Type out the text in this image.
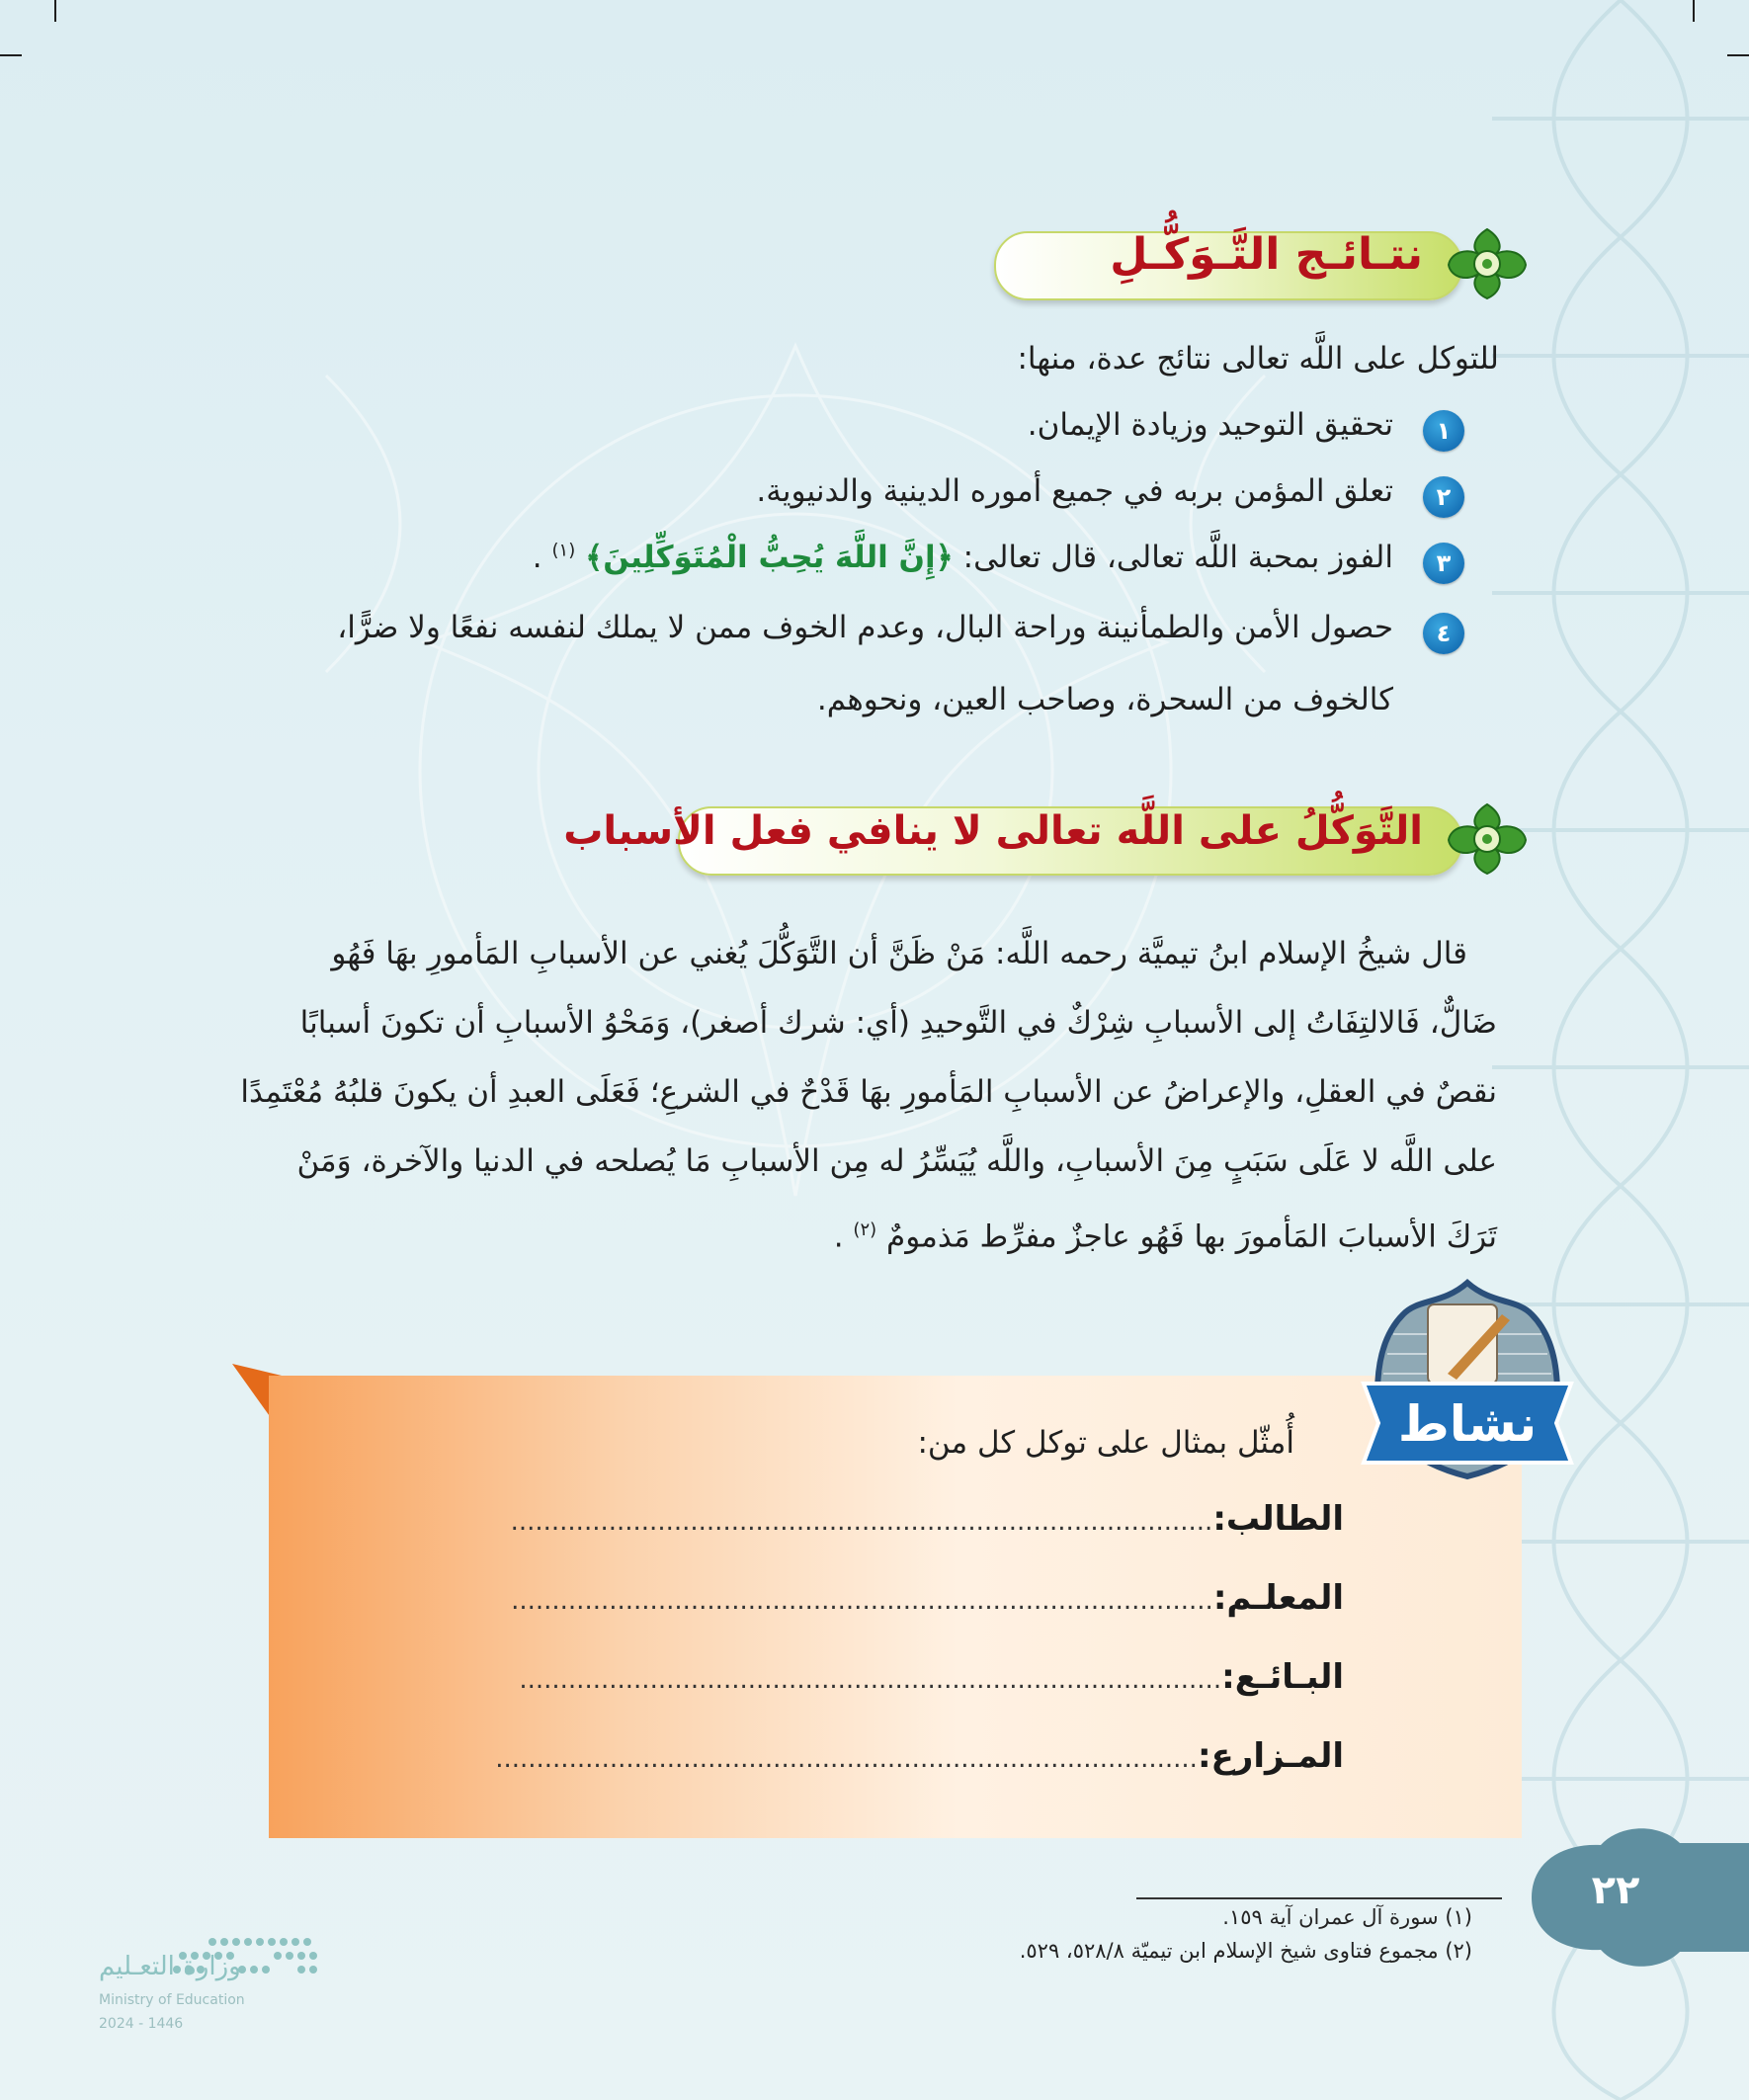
نتـائـج التَّـوَكُّـلِ
للتوكل على اللَّه تعالى نتائج عدة، منها:
١
تحقيق التوحيد وزيادة الإيمان.
٢
تعلق المؤمن بربه في جميع أموره الدينية والدنيوية.
٣
الفوز بمحبة اللَّه تعالى، قال تعالى: ﴿إِنَّ اللَّهَ يُحِبُّ الْمُتَوَكِّلِينَ﴾ $^{(١)}$ .
٤
حصول الأمن والطمأنينة وراحة البال، وعدم الخوف ممن لا يملك لنفسه نفعًا ولا ضرًّا،
كالخوف من السحرة، وصاحب العين، ونحوهم.
التَّوَكُّلُ على اللَّه تعالى لا ينافي فعل الأسباب
قال شيخُ الإسلام ابنُ تيميَّة رحمه اللَّه: مَنْ ظَنَّ أن التَّوَكُّلَ يُغني عن الأسبابِ المَأمورِ بهَا فَهُو
ضَالٌّ، فَالالتِفَاتُ إلى الأسبابِ شِرْكٌ في التَّوحيدِ (أي: شرك أصغر)، وَمَحْوُ الأسبابِ أن تكونَ أسبابًا
نقصٌ في العقلِ، والإعراضُ عن الأسبابِ المَأمورِ بهَا قَدْحٌ في الشرعِ؛ فَعَلَى العبدِ أن يكونَ قلبُهُ مُعْتَمِدًا
على اللَّه لا عَلَى سَبَبٍ مِنَ الأسبابِ، واللَّه يُيَسِّرُ له مِن الأسبابِ مَا يُصلحه في الدنيا والآخرة، وَمَنْ
تَرَكَ الأسبابَ المَأمورَ بها فَهُو عاجزٌ مفرِّط مَذمومٌ $^{(٢)}$ .
أُمثّل بمثال على توكل كل من:
الطالب:......................................................................................
المعلـم:......................................................................................
البـائـع:......................................................................................
المـزارع:......................................................................................
نشاط
(١) سورة آل عمران آية ١٥٩.
(٢) مجموع فتاوى شيخ الإسلام ابن تيميّة ٥٢٨/٨، ٥٢٩.
٢٢
وزارة التعـليم
Ministry of Education
2024 - 1446
